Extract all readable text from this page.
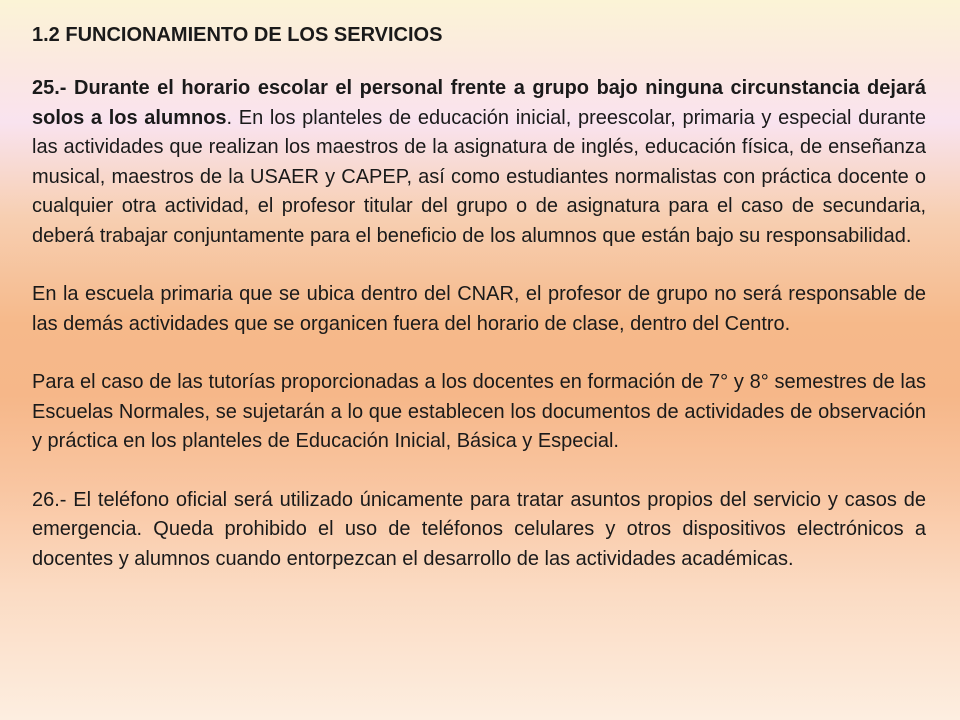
1.2 FUNCIONAMIENTO DE LOS SERVICIOS

25.- Durante el horario escolar el personal frente a grupo bajo ninguna circunstancia dejará solos a los alumnos. En los planteles de educación inicial, preescolar, primaria y especial durante las actividades que realizan los maestros de la asignatura de inglés, educación física, de enseñanza musical, maestros de la USAER y CAPEP, así como estudiantes normalistas con práctica docente o cualquier otra actividad, el profesor titular del grupo o de asignatura para el caso de secundaria, deberá trabajar conjuntamente para el beneficio de los alumnos que están bajo su responsabilidad.

En la escuela primaria que se ubica dentro del CNAR, el profesor de grupo no será responsable de las demás actividades que se organicen fuera del horario de clase, dentro del Centro.

Para el caso de las tutorías proporcionadas a los docentes en formación de 7° y 8° semestres de las Escuelas Normales, se sujetarán a lo que establecen los documentos de actividades de observación y práctica en los planteles de Educación Inicial, Básica y Especial.

26.- El teléfono oficial será utilizado únicamente para tratar asuntos propios del servicio y casos de emergencia. Queda prohibido el uso de teléfonos celulares y otros dispositivos electrónicos a docentes y alumnos cuando entorpezcan el desarrollo de las actividades académicas.
